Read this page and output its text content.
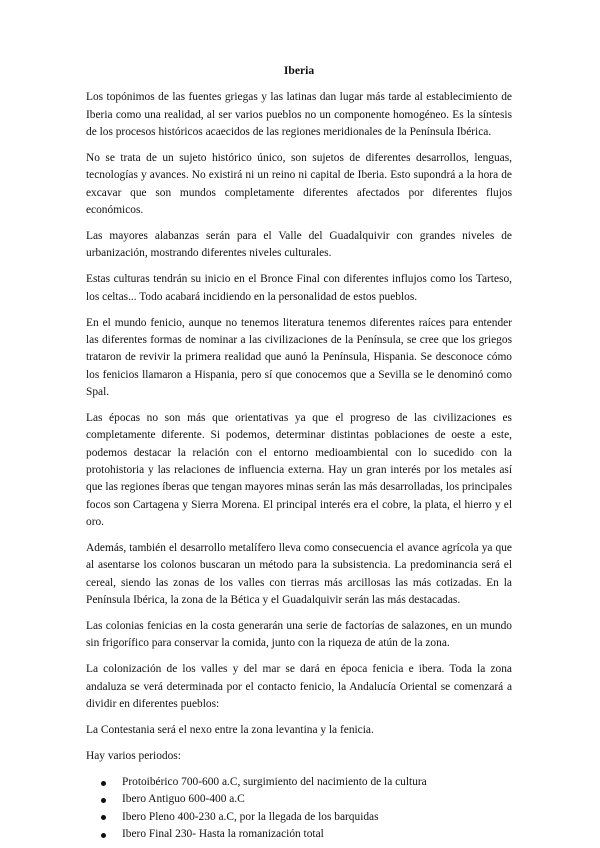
Iberia

Los topónimos de las fuentes griegas y las latinas dan lugar más tarde al establecimiento de Iberia como una realidad, al ser varios pueblos no un componente homogéneo. Es la síntesis de los procesos históricos acaecidos de las regiones meridionales de la Península Ibérica.

No se trata de un sujeto histórico único, son sujetos de diferentes desarrollos, lenguas, tecnologías y avances. No existirá ni un reino ni capital de Iberia. Esto supondrá a la hora de excavar que son mundos completamente diferentes afectados por diferentes flujos económicos.

Las mayores alabanzas serán para el Valle del Guadalquivir con grandes niveles de urbanización, mostrando diferentes niveles culturales.

Estas culturas tendrán su inicio en el Bronce Final con diferentes influjos como los Tarteso, los celtas... Todo acabará incidiendo en la personalidad de estos pueblos.

En el mundo fenicio, aunque no tenemos literatura tenemos diferentes raíces para entender las diferentes formas de nominar a las civilizaciones de la Península, se cree que los griegos trataron de revivir la primera realidad que aunó la Península, Hispania. Se desconoce cómo los fenicios llamaron a Hispania, pero sí que conocemos que a Sevilla se le denominó como Spal.

Las épocas no son más que orientativas ya que el progreso de las civilizaciones es completamente diferente. Si podemos, determinar distintas poblaciones de oeste a este, podemos destacar la relación con el entorno medioambiental con lo sucedido con la protohistoria y las relaciones de influencia externa. Hay un gran interés por los metales así que las regiones íberas que tengan mayores minas serán las más desarrolladas, los principales focos son Cartagena y Sierra Morena. El principal interés era el cobre, la plata, el hierro y el oro.

Además, también el desarrollo metalífero lleva como consecuencia el avance agrícola ya que al asentarse los colonos buscaran un método para la subsistencia. La predominancia será el cereal, siendo las zonas de los valles con tierras más arcillosas las más cotizadas. En la Península Ibérica, la zona de la Bética y el Guadalquivir serán las más destacadas.

Las colonias fenicias en la costa generarán una serie de factorías de salazones, en un mundo sin frigorífico para conservar la comida, junto con la riqueza de atún de la zona.

La colonización de los valles y del mar se dará en época fenicia e ibera. Toda la zona andaluza se verá determinada por el contacto fenicio, la Andalucía Oriental se comenzará a dividir en diferentes pueblos:

La Contestania será el nexo entre la zona levantina y la fenicia.

Hay varios periodos:

Protoibérico 700-600 a.C, surgimiento del nacimiento de la cultura
Ibero Antiguo 600-400 a.C
Ibero Pleno 400-230 a.C, por la llegada de los barquidas
Ibero Final 230- Hasta la romanización total
